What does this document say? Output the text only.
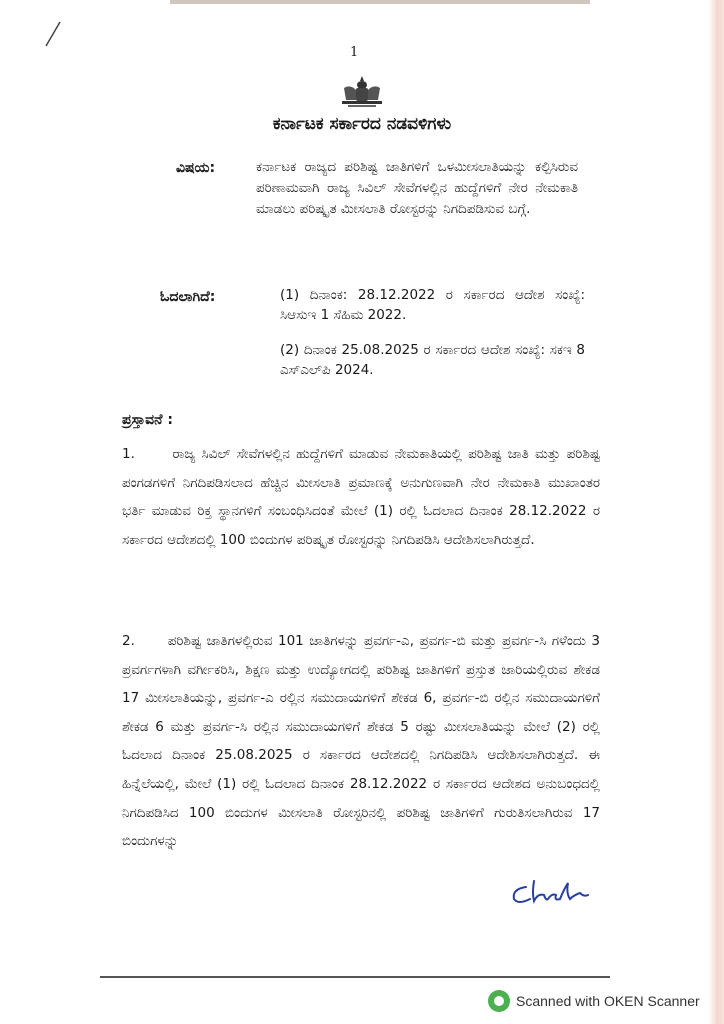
1
ಕರ್ನಾಟಕ ಸರ್ಕಾರದ ನಡವಳಿಗಳು
ವಿಷಯ:	ಕರ್ನಾಟಕ ರಾಜ್ಯದ ಪರಿಶಿಷ್ಟ ಜಾತಿಗಳಿಗೆ ಒಳಮೀಸಲಾತಿಯನ್ನು ಕಲ್ಪಿಸಿರುವ ಪರಿಣಾಮವಾಗಿ ರಾಜ್ಯ ಸಿವಿಲ್ ಸೇವೆಗಳಲ್ಲಿನ ಹುದ್ದೆಗಳಿಗೆ ನೇರ ನೇಮಕಾತಿ ಮಾಡಲು ಪರಿಷ್ಕೃತ ಮೀಸಲಾತಿ ರೋಸ್ಟರನ್ನು ನಿಗದಿಪಡಿಸುವ ಬಗ್ಗೆ.
ಓದಲಾಗಿದೆ:	(1) ದಿನಾಂಕ: 28.12.2022 ರ ಸರ್ಕಾರದ ಆದೇಶ ಸಂಖ್ಯೆ: ಸಿಆಸುಇ 1 ಸೆಹಿಮ 2022.
(2) ದಿನಾಂಕ 25.08.2025 ರ ಸರ್ಕಾರದ ಆದೇಶ ಸಂಖ್ಯೆ: ಸಕಇ 8 ಎಸ್ಎಲ್‌ಪಿ 2024.
ಪ್ರಸ್ತಾವನೆ :
1.	ರಾಜ್ಯ ಸಿವಿಲ್ ಸೇವೆಗಳಲ್ಲಿನ ಹುದ್ದೆಗಳಿಗೆ ಮಾಡುವ ನೇಮಕಾತಿಯಲ್ಲಿ ಪರಿಶಿಷ್ಟ ಜಾತಿ ಮತ್ತು ಪರಿಶಿಷ್ಟ ಪಂಗಡಗಳಿಗೆ ನಿಗದಿಪಡಿಸಲಾದ ಹೆಚ್ಚಿನ ಮೀಸಲಾತಿ ಪ್ರಮಾಣಕ್ಕೆ ಅನುಗುಣವಾಗಿ ನೇರ ನೇಮಕಾತಿ ಮುಖಾಂತರ ಭರ್ತಿ ಮಾಡುವ ರಿಕ್ತ ಸ್ಥಾನಗಳಿಗೆ ಸಂಬಂಧಿಸಿದಂತೆ ಮೇಲೆ (1) ರಲ್ಲಿ ಓದಲಾದ ದಿನಾಂಕ 28.12.2022 ರ ಸರ್ಕಾರದ ಆದೇಶದಲ್ಲಿ 100 ಬಿಂದುಗಳ ಪರಿಷ್ಕೃತ ರೋಸ್ಟರನ್ನು ನಿಗದಿಪಡಿಸಿ ಆದೇಶಿಸಲಾಗಿರುತ್ತದೆ.
2. ಪರಿಶಿಷ್ಟ ಜಾತಿಗಳಲ್ಲಿರುವ 101 ಜಾತಿಗಳನ್ನು ಪ್ರವರ್ಗ-ಎ, ಪ್ರವರ್ಗ-ಬಿ ಮತ್ತು ಪ್ರವರ್ಗ-ಸಿ ಗಳೆಂದು 3 ಪ್ರವರ್ಗಗಳಾಗಿ ವರ್ಗೀಕರಿಸಿ, ಶಿಕ್ಷಣ ಮತ್ತು ಉದ್ಯೋಗದಲ್ಲಿ ಪರಿಶಿಷ್ಟ ಜಾತಿಗಳಿಗೆ ಪ್ರಸ್ತುತ ಜಾರಿಯಲ್ಲಿರುವ ಶೇಕಡ 17 ಮೀಸಲಾತಿಯನ್ನು, ಪ್ರವರ್ಗ-ಎ ರಲ್ಲಿನ ಸಮುದಾಯಗಳಿಗೆ ಶೇಕಡ 6, ಪ್ರವರ್ಗ-ಬಿ ರಲ್ಲಿನ ಸಮುದಾಯಗಳಿಗೆ ಶೇಕಡ 6 ಮತ್ತು ಪ್ರವರ್ಗ-ಸಿ ರಲ್ಲಿನ ಸಮುದಾಯಗಳಿಗೆ ಶೇಕಡ 5 ರಷ್ಟು ಮೀಸಲಾತಿಯನ್ನು ಮೇಲೆ (2) ರಲ್ಲಿ ಓದಲಾದ ದಿನಾಂಕ 25.08.2025 ರ ಸರ್ಕಾರದ ಆದೇಶದಲ್ಲಿ ನಿಗದಿಪಡಿಸಿ ಆದೇಶಿಸಲಾಗಿರುತ್ತದೆ. ಈ ಹಿನ್ನೆಲೆಯಲ್ಲಿ, ಮೇಲೆ (1) ರಲ್ಲಿ ಓದಲಾದ ದಿನಾಂಕ 28.12.2022 ರ ಸರ್ಕಾರದ ಆದೇಶದ ಅನುಬಂಧದಲ್ಲಿ ನಿಗದಿಪಡಿಸಿದ 100 ಬಿಂದುಗಳ ಮೀಸಲಾತಿ ರೋಸ್ಟರಿನಲ್ಲಿ ಪರಿಶಿಷ್ಟ ಜಾತಿಗಳಿಗೆ ಗುರುತಿಸಲಾಗಿರುವ 17 ಬಿಂದುಗಳನ್ನು
Scanned with OKEN Scanner
